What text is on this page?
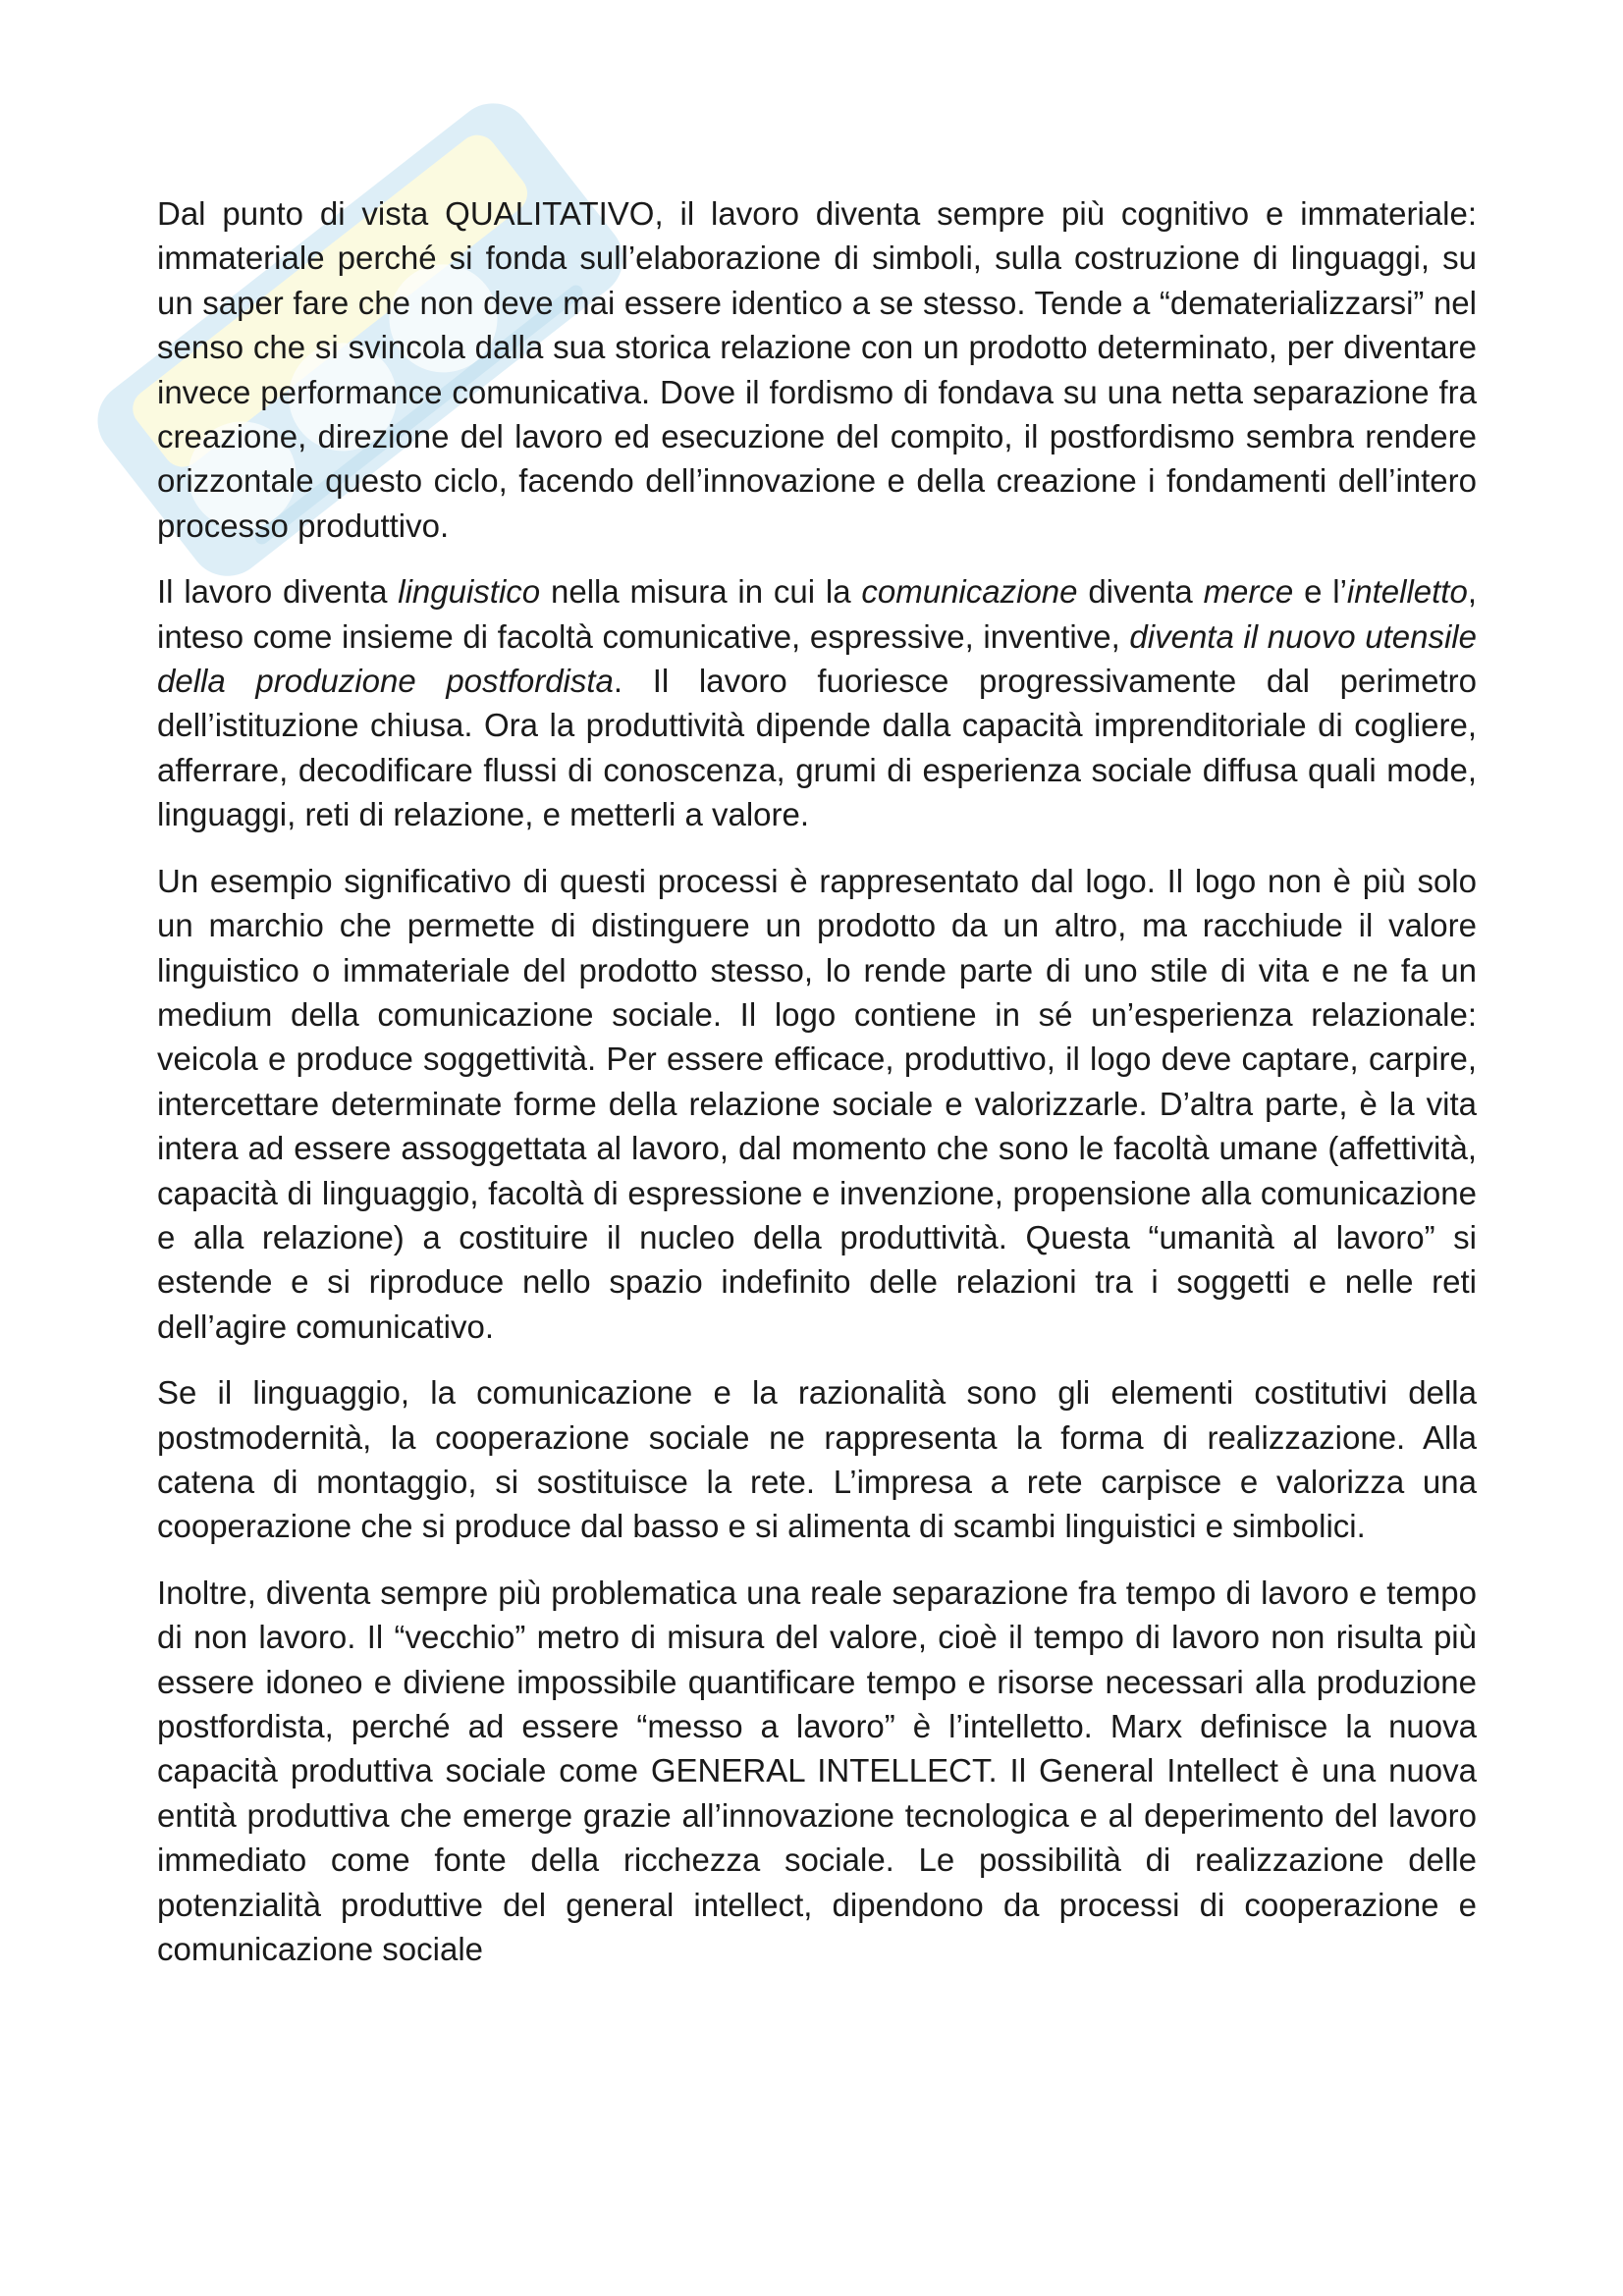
Dal punto di vista QUALITATIVO, il lavoro diventa sempre più cognitivo e immateriale: immateriale perché si fonda sull’elaborazione di simboli, sulla costruzione di linguaggi, su un saper fare che non deve mai essere identico a se stesso. Tende a “dematerializzarsi” nel senso che si svincola dalla sua storica relazione con un prodotto determinato, per diventare invece performance comunicativa. Dove il fordismo di fondava su una netta separazione fra creazione, direzione del lavoro ed esecuzione del compito, il postfordismo sembra rendere orizzontale questo ciclo, facendo dell’innovazione e della creazione i fondamenti dell’intero processo produttivo.

Il lavoro diventa linguistico nella misura in cui la comunicazione diventa merce e l’intelletto, inteso come insieme di facoltà comunicative, espressive, inventive, diventa il nuovo utensile della produzione postfordista. Il lavoro fuoriesce progressivamente dal perimetro dell’istituzione chiusa. Ora la produttività dipende dalla capacità imprenditoriale di cogliere, afferrare, decodificare flussi di conoscenza, grumi di esperienza sociale diffusa quali mode, linguaggi, reti di relazione, e metterli a valore.

Un esempio significativo di questi processi è rappresentato dal logo. Il logo non è più solo un marchio che permette di distinguere un prodotto da un altro, ma racchiude il valore linguistico o immateriale del prodotto stesso, lo rende parte di uno stile di vita e ne fa un medium della comunicazione sociale. Il logo contiene in sé un’esperienza relazionale: veicola e produce soggettività. Per essere efficace, produttivo, il logo deve captare, carpire, intercettare determinate forme della relazione sociale e valorizzarle. D’altra parte, è la vita intera ad essere assoggettata al lavoro, dal momento che sono le facoltà umane (affettività, capacità di linguaggio, facoltà di espressione e invenzione, propensione alla comunicazione e alla relazione) a costituire il nucleo della produttività. Questa “umanità al lavoro” si estende e si riproduce nello spazio indefinito delle relazioni tra i soggetti e nelle reti dell’agire comunicativo.

Se il linguaggio, la comunicazione e la razionalità sono gli elementi costitutivi della postmodernità, la cooperazione sociale ne rappresenta la forma di realizzazione. Alla catena di montaggio, si sostituisce la rete. L’impresa a rete carpisce e valorizza una cooperazione che si produce dal basso e si alimenta di scambi linguistici e simbolici.

Inoltre, diventa sempre più problematica una reale separazione fra tempo di lavoro e tempo di non lavoro. Il “vecchio” metro di misura del valore, cioè il tempo di lavoro non risulta più essere idoneo e diviene impossibile quantificare tempo e risorse necessari alla produzione postfordista, perché ad essere “messo a lavoro” è l’intelletto. Marx definisce la nuova capacità produttiva sociale come GENERAL INTELLECT. Il General Intellect è una nuova entità produttiva che emerge grazie all’innovazione tecnologica e al deperimento del lavoro immediato come fonte della ricchezza sociale. Le possibilità di realizzazione delle potenzialità produttive del general intellect, dipendono da processi di cooperazione e comunicazione sociale
